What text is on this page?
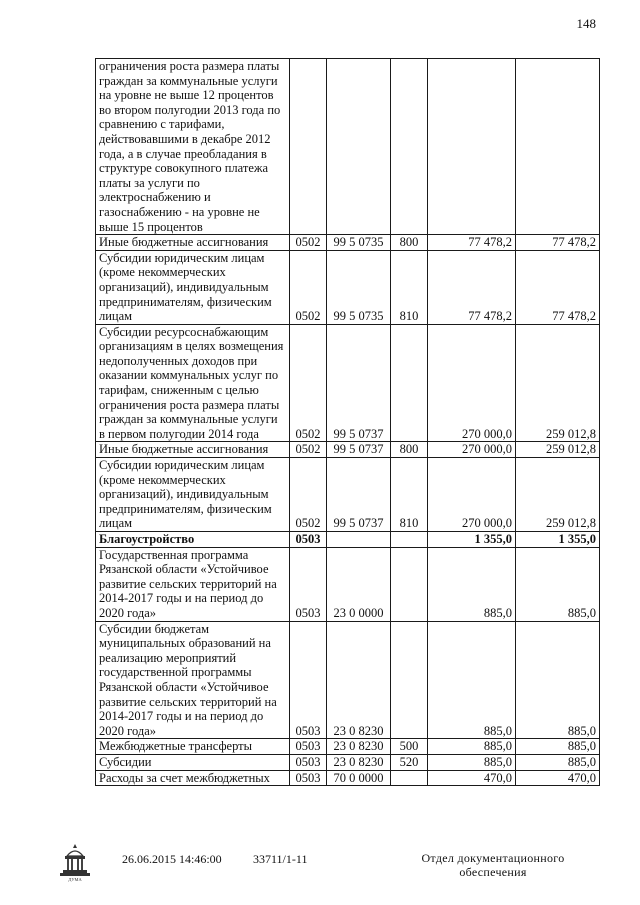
148
ограничения роста размера платы граждан за коммунальные услуги на уровне не выше 12 процентов во втором полугодии 2013 года по сравнению с тарифами, действовавшими в декабре 2012 года, а в случае преобладания в структуре совокупного платежа платы за услуги по электроснабжению и газоснабжению - на уровне не выше 15 процентов					
Иные бюджетные ассигнования	0502	99 5 0735	800	77 478,2	77 478,2
Субсидии юридическим лицам (кроме некоммерческих организаций), индивидуальным предпринимателям, физическим лицам	0502	99 5 0735	810	77 478,2	77 478,2
Субсидии ресурсоснабжающим организациям в целях возмещения недополученных доходов при оказании коммунальных услуг по тарифам, сниженным с целью ограничения роста размера платы граждан за коммунальные услуги в первом полугодии 2014 года	0502	99 5 0737		270 000,0	259 012,8
Иные бюджетные ассигнования	0502	99 5 0737	800	270 000,0	259 012,8
Субсидии юридическим лицам (кроме некоммерческих организаций), индивидуальным предпринимателям, физическим лицам	0502	99 5 0737	810	270 000,0	259 012,8
Благоустройство	0503			1 355,0	1 355,0
Государственная программа Рязанской области «Устойчивое развитие сельских территорий на 2014-2017 годы и на период до 2020 года»	0503	23 0 0000		885,0	885,0
Субсидии бюджетам муниципальных образований на реализацию мероприятий государственной программы Рязанской области «Устойчивое развитие сельских территорий на 2014-2017 годы и на период до 2020 года»	0503	23 0 8230		885,0	885,0
Межбюджетные трансферты	0503	23 0 8230	500	885,0	885,0
Субсидии	0503	23 0 8230	520	885,0	885,0
Расходы за счет межбюджетных	0503	70 0 0000		470,0	470,0
ДУМА
26.06.2015 14:46:00	33711/1-11	Отдел документационного
обеспечения
